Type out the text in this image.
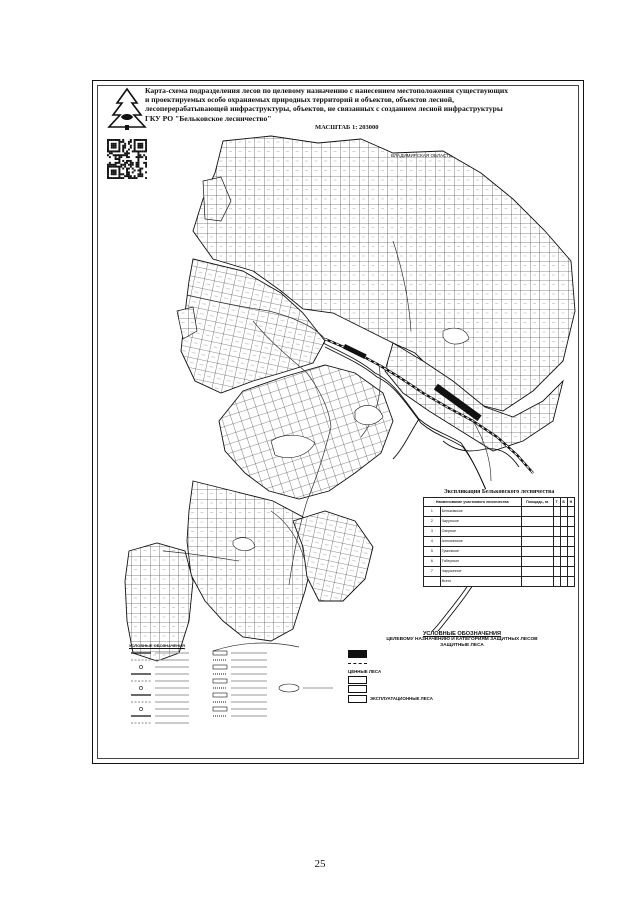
Карта-схема подразделения лесов по целевому назначению с нанесением местоположения существующих
и проектируемых особо охраняемых природных территорий и объектов, объектов лесной,
лесоперерабатывающей инфраструктуры, объектов, не связанных с созданием лесной инфраструктуры
ГКУ РО "Бельковское лесничество"
МАСШТАБ 1: 203000
ВЛАДИМИРСКАЯ ОБЛАСТЬ
Экспликация Бельковского лесничества
Наименование участкового лесничества		Площадь, га	Т	Б	Н
1	Бельковское				
2	Чарусское				
3	Озерное				
4	Алексинское				
5	Гуминское				
6	Тиберское				
7	Чарусинное				
	Всего				
УСЛОВНЫЕ ОБОЗНАЧЕНИЯ
ЦЕЛЕВОМУ НАЗНАЧЕНИЮ И КАТЕГОРИЯМ ЗАЩИТНЫХ ЛЕСОВ
ЗАЩИТНЫЕ ЛЕСА
ЦЕННЫЕ ЛЕСА
ЭКСПЛУАТАЦИОННЫЕ ЛЕСА
УСЛОВНЫЕ ОБОЗНАЧЕНИЯ
25
